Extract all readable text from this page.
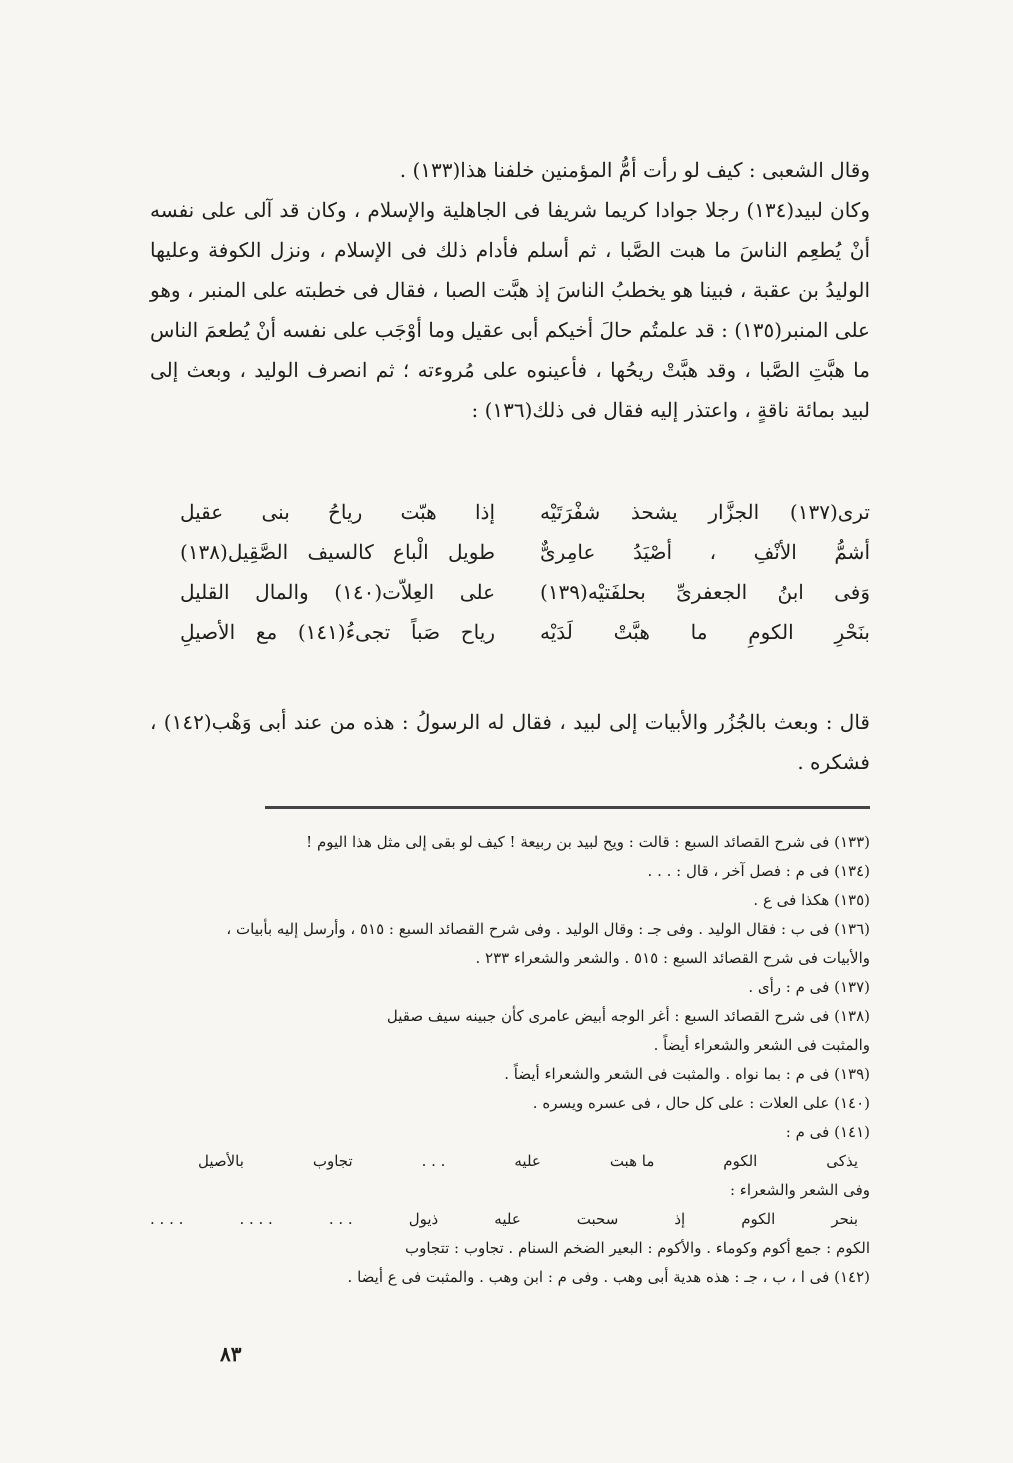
وقال الشعبى : كيف لو رأت أمُّ المؤمنين خلفنا هذا(١٣٣) .

وكان لبيد(١٣٤) رجلا جوادا كريما شريفا فى الجاهلية والإسلام ، وكان قد آلى على نفسه أنْ يُطعِم الناسَ ما هبت الصَّبا ، ثم أسلم فأدام ذلك فى الإسلام ، ونزل الكوفة وعليها الوليدُ بن عقبة ، فبينا هو يخطبُ الناسَ إذ هبَّت الصبا ، فقال فى خطبته على المنبر ، وهو على المنبر(١٣٥) : قد علمتُم حالَ أخيكم أبى عقيل وما أوْجَب على نفسه أنْ يُطعمَ الناس ما هبَّتِ الصَّبا ، وقد هبَّتْ ريحُها ، فأعينوه على مُروءته ؛ ثم انصرف الوليد ، وبعث إلى لبيد بمائة ناقةٍ ، واعتذر إليه فقال فى ذلك(١٣٦) :

ترى(١٣٧) الجزَّار يشحذ شفْرَتَيْه
إذا هبّت رياحُ بنى عقيل
أشمُّ الأنْفِ ، أصْيَدُ عامِرىٌّ
طويل الْباع كالسيف الصَّقِيل(١٣٨)
وَفى ابنُ الجعفرىِّ بحلفَتيْه(١٣٩)
على العِلاّت(١٤٠) والمال القليل
بنَحْرِ الكومِ ما هبَّتْ لَدَيْه
رياح صَباً تجىءُ(١٤١) مع الأصيلِ

قال : وبعث بالجُزُر والأبيات إلى لبيد ، فقال له الرسولُ : هذه من عند أبى وَهْب(١٤٢) ، فشكره .

(١٣٣) فى شرح القصائد السبع : قالت : ويح لبيد بن ربيعة ! كيف لو بقى إلى مثل هذا اليوم !

(١٣٤) فى م : فصل آخر ، قال : . . .

(١٣٥) هكذا فى ع .

(١٣٦) فى ب : فقال الوليد . وفى جـ : وقال الوليد . وفى شرح القصائد السبع : ٥١٥ ، وأرسل إليه بأبيات ،

والأبيات فى شرح القصائد السبع : ٥١٥ . والشعر والشعراء ٢٣٣ .

(١٣٧) فى م : رأى .

(١٣٨) فى شرح القصائد السبع : أغر الوجه أبيض عامرى كأن جبينه سيف صقيل

والمثبت فى الشعر والشعراء أيضاً .

(١٣٩) فى م : بما نواه . والمثبت فى الشعر والشعراء أيضاً .

(١٤٠) على العلات : على كل حال ، فى عسره ويسره .

(١٤١) فى م :

يذكى
الكوم
ما هبت
عليه
. . .
تجاوب
بالأصيل

وفى الشعر والشعراء :

بنحر
الكوم
إذ
سحبت
عليه
ذيول
. . .
. . . .
. . . .

الكوم : جمع أكوم وكوماء . والأكوم : البعير الضخم السنام . تجاوب : تتجاوب

(١٤٢) فى ا ، ب ، جـ : هذه هدية أبى وهب . وفى م : ابن وهب . والمثبت فى ع أيضا .

٨٣
